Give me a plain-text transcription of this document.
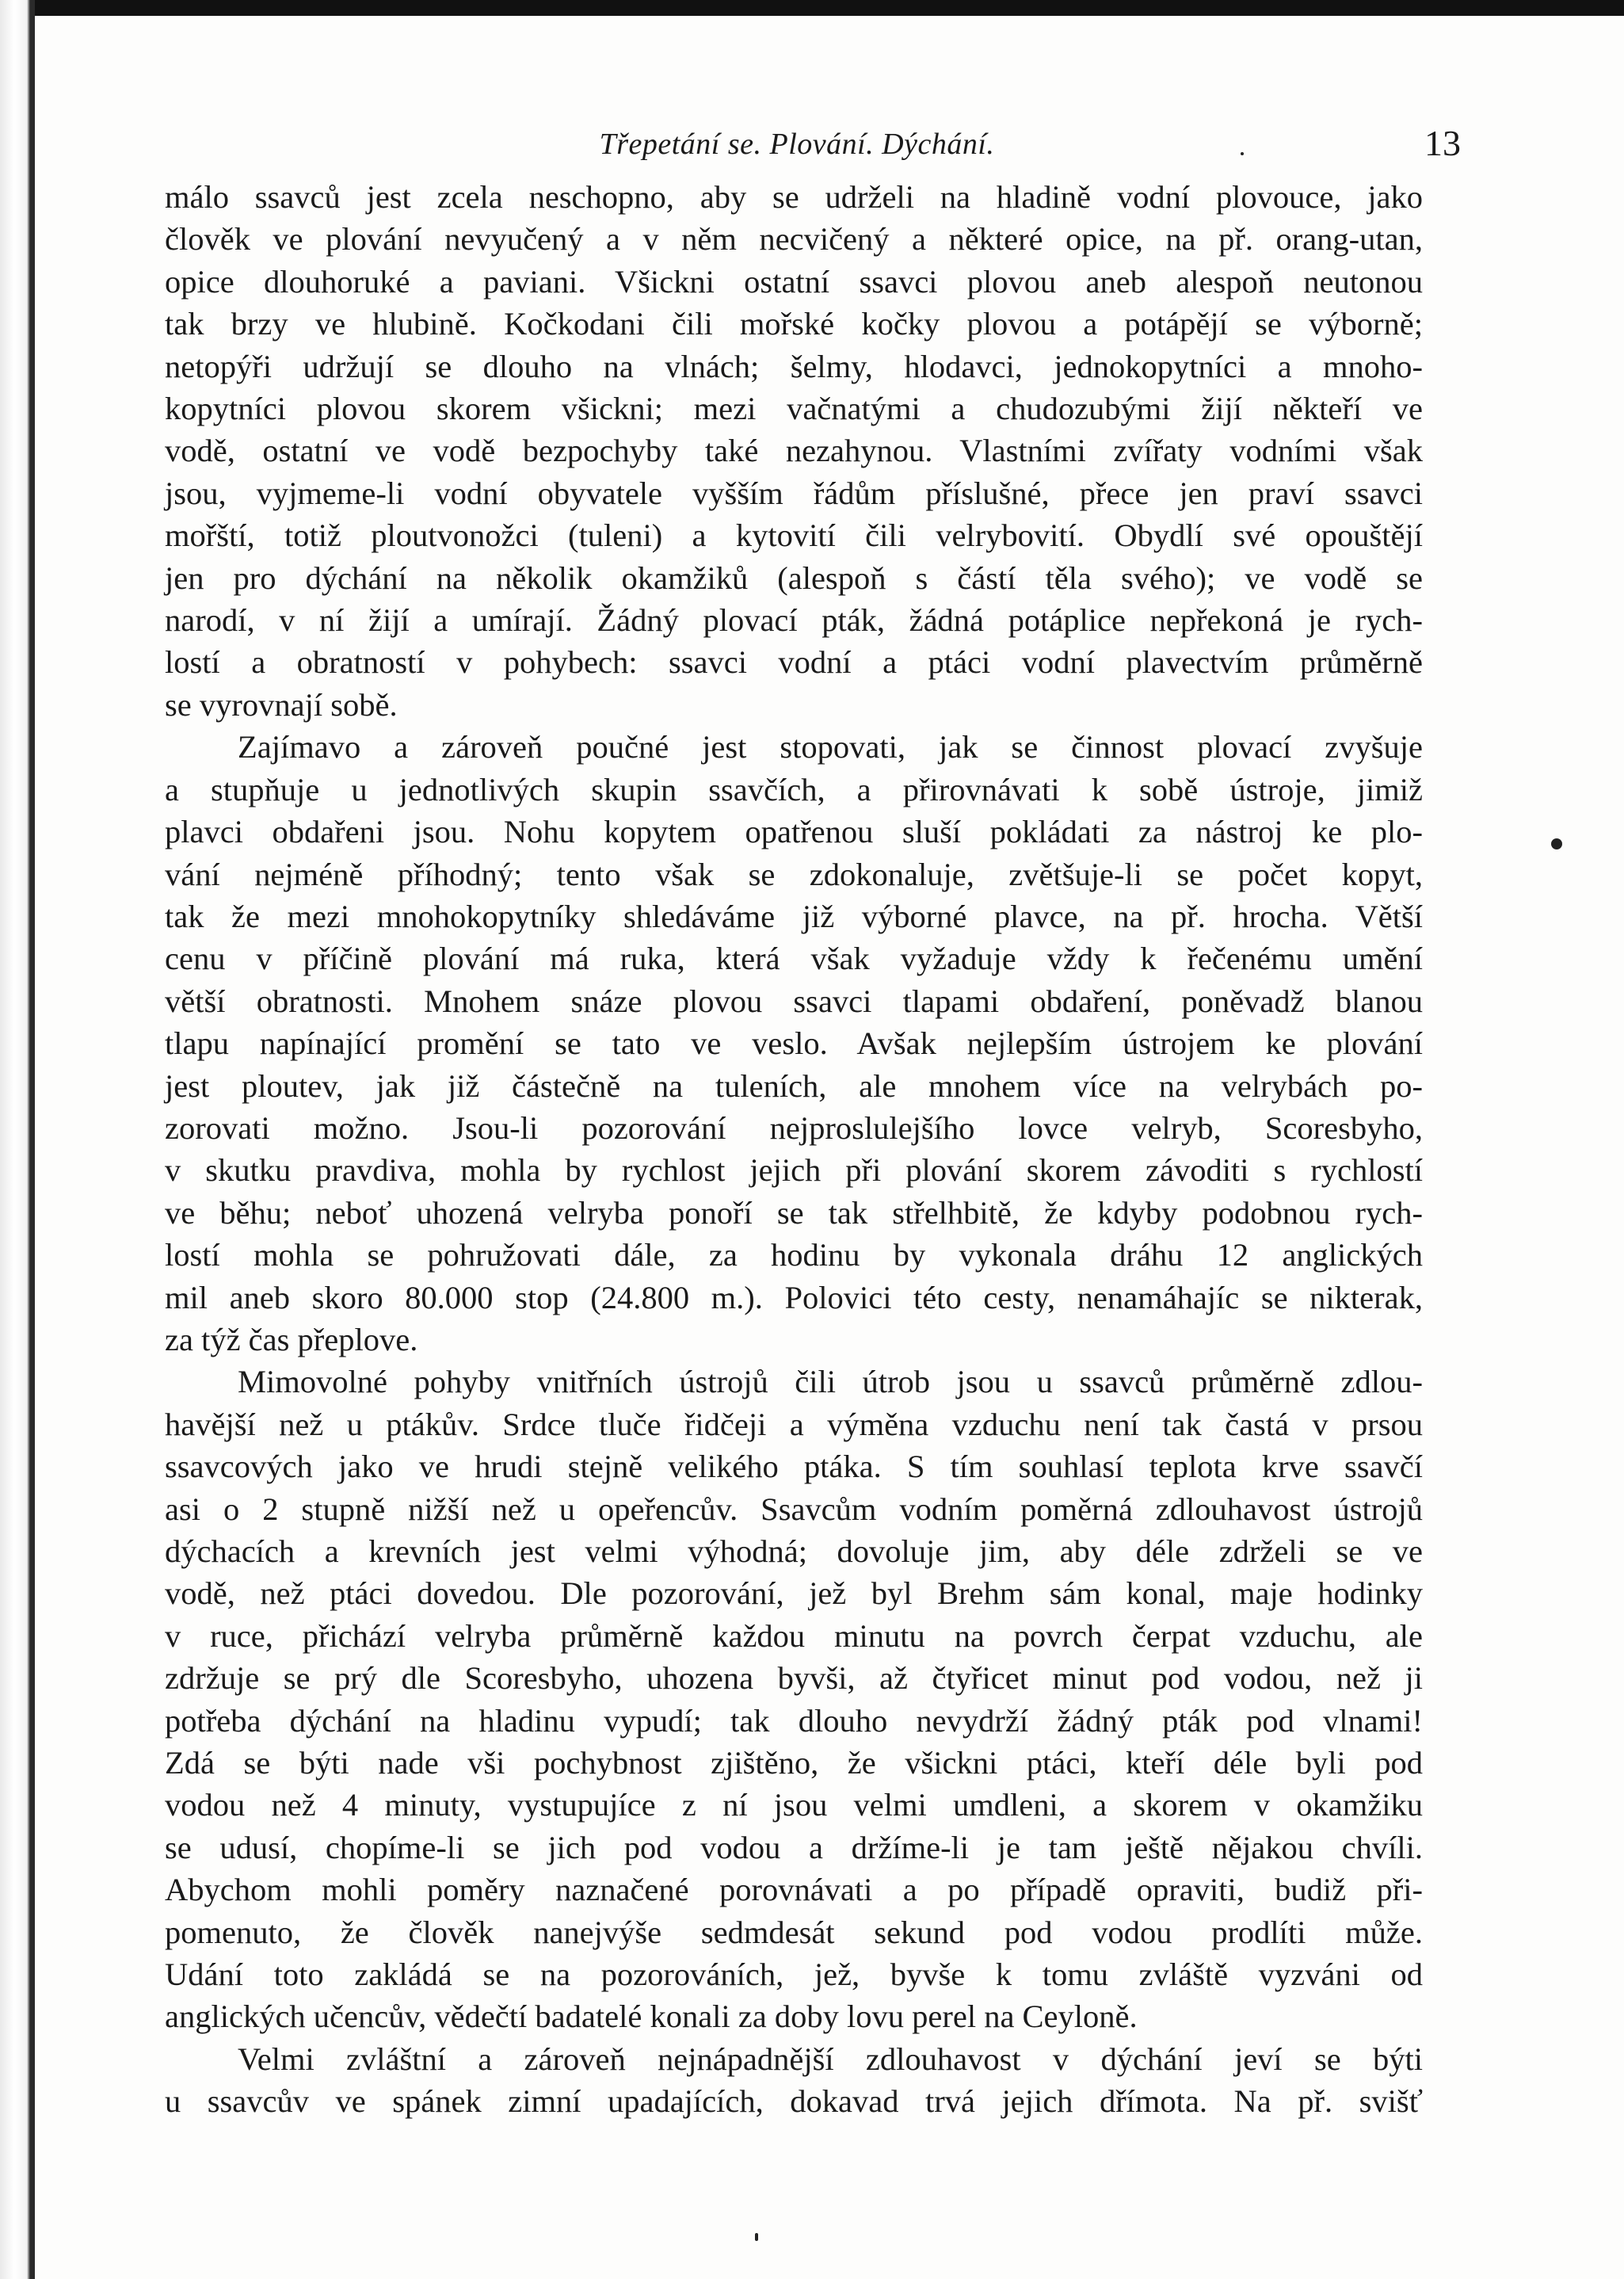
Třepetání se. Plování. Dýchání.	13
málo ssavců jest zcela neschopno, aby se udrželi na hladině vodní plovouce, jako
člověk ve plování nevyučený a v něm necvičený a některé opice, na př. orang-utan,
opice dlouhoruké a paviani. Všickni ostatní ssavci plovou aneb alespoň neutonou
tak brzy ve hlubině. Kočkodani čili mořské kočky plovou a potápějí se výborně;
netopýři udržují se dlouho na vlnách; šelmy, hlodavci, jednokopytníci a mnoho-
kopytníci plovou skorem všickni; mezi vačnatými a chudozubými žijí někteří ve
vodě, ostatní ve vodě bezpochyby také nezahynou. Vlastními zvířaty vodními však
jsou, vyjmeme-li vodní obyvatele vyšším řádům příslušné, přece jen praví ssavci
mořští, totiž ploutvonožci (tuleni) a kytovití čili velrybovití. Obydlí své opouštějí
jen pro dýchání na několik okamžiků (alespoň s částí těla svého); ve vodě se
narodí, v ní žijí a umírají. Žádný plovací pták, žádná potáplice nepřekoná je rych-
lostí a obratností v pohybech: ssavci vodní a ptáci vodní plavectvím průměrně
se vyrovnají sobě.
Zajímavo a zároveň poučné jest stopovati, jak se činnost plovací zvyšuje
a stupňuje u jednotlivých skupin ssavčích, a přirovnávati k sobě ústroje, jimiž
plavci obdařeni jsou. Nohu kopytem opatřenou sluší pokládati za nástroj ke plo-
vání nejméně příhodný; tento však se zdokonaluje, zvětšuje-li se počet kopyt,
tak že mezi mnohokopytníky shledáváme již výborné plavce, na př. hrocha. Větší
cenu v příčině plování má ruka, která však vyžaduje vždy k řečenému umění
větší obratnosti. Mnohem snáze plovou ssavci tlapami obdaření, poněvadž blanou
tlapu napínající promění se tato ve veslo. Avšak nejlepším ústrojem ke plování
jest ploutev, jak již částečně na tuleních, ale mnohem více na velrybách po-
zorovati možno. Jsou-li pozorování nejproslulejšího lovce velryb, Scoresbyho,
v skutku pravdiva, mohla by rychlost jejich při plování skorem závoditi s rychlostí
ve běhu; neboť uhozená velryba ponoří se tak střelhbitě, že kdyby podobnou rych-
lostí mohla se pohružovati dále, za hodinu by vykonala dráhu 12 anglických
mil aneb skoro 80.000 stop (24.800 m.). Polovici této cesty, nenamáhajíc se nikterak,
za týž čas přeplove.
Mimovolné pohyby vnitřních ústrojů čili útrob jsou u ssavců průměrně zdlou-
havější než u ptákův. Srdce tluče řidčeji a výměna vzduchu není tak častá v prsou
ssavcových jako ve hrudi stejně velikého ptáka. S tím souhlasí teplota krve ssavčí
asi o 2 stupně nižší než u opeřencův. Ssavcům vodním poměrná zdlouhavost ústrojů
dýchacích a krevních jest velmi výhodná; dovoluje jim, aby déle zdrželi se ve
vodě, než ptáci dovedou. Dle pozorování, jež byl Brehm sám konal, maje hodinky
v ruce, přichází velryba průměrně každou minutu na povrch čerpat vzduchu, ale
zdržuje se prý dle Scoresbyho, uhozena byvši, až čtyřicet minut pod vodou, než ji
potřeba dýchání na hladinu vypudí; tak dlouho nevydrží žádný pták pod vlnami!
Zdá se býti nade vši pochybnost zjištěno, že všickni ptáci, kteří déle byli pod
vodou než 4 minuty, vystupujíce z ní jsou velmi umdleni, a skorem v okamžiku
se udusí, chopíme-li se jich pod vodou a držíme-li je tam ještě nějakou chvíli.
Abychom mohli poměry naznačené porovnávati a po případě opraviti, budiž při-
pomenuto, že člověk nanejvýše sedmdesát sekund pod vodou prodlíti může.
Udání toto zakládá se na pozorováních, jež, byvše k tomu zvláště vyzváni od
anglických učencův, vědečtí badatelé konali za doby lovu perel na Ceyloně.
Velmi zvláštní a zároveň nejnápadnější zdlouhavost v dýchání jeví se býti
u ssavcův ve spánek zimní upadajících, dokavad trvá jejich dřímota. Na př. svišť
